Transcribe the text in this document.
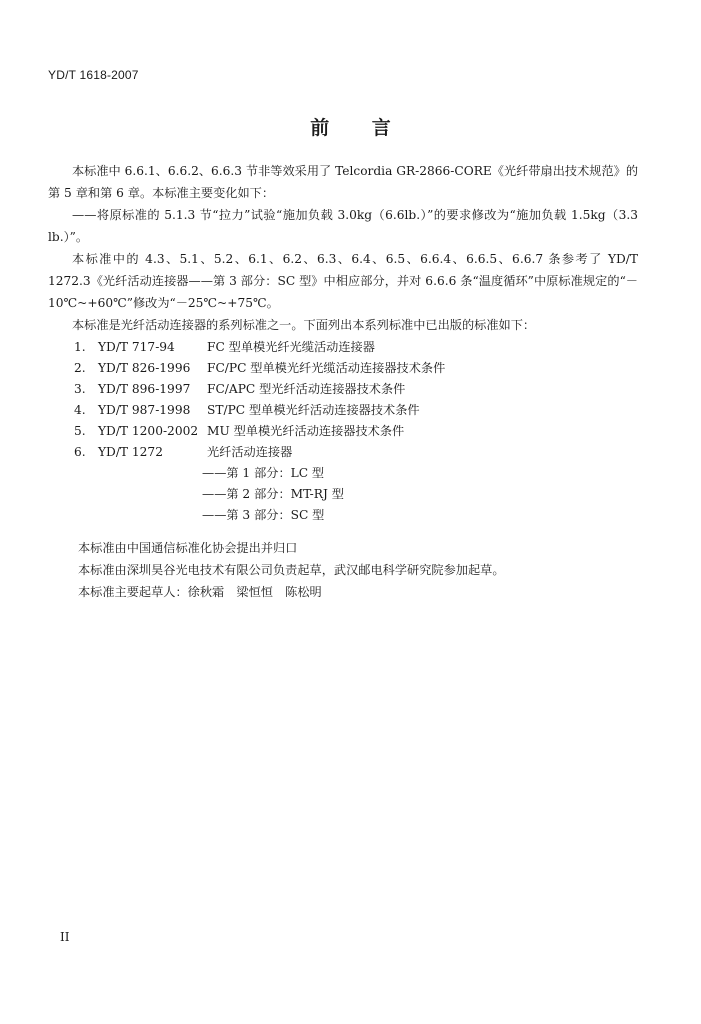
YD/T 1618-2007
前 言
本标准中 6.6.1、6.6.2、6.6.3 节非等效采用了 Telcordia GR-2866-CORE《光纤带扇出技术规范》的第 5 章和第 6 章。本标准主要变化如下：
——将原标准的 5.1.3 节“拉力”试验“施加负载 3.0kg（6.6lb.）”的要求修改为“施加负载 1.5kg（3.3 lb.）”。
本标准中的 4.3、5.1、5.2、6.1、6.2、6.3、6.4、6.5、6.6.4、6.6.5、6.6.7 条参考了 YD/T 1272.3《光纤活动连接器——第 3 部分：SC 型》中相应部分，并对 6.6.6 条“温度循环”中原标准规定的“－10℃~+60℃”修改为“－25℃~+75℃。
本标准是光纤活动连接器的系列标准之一。下面列出本系列标准中已出版的标准如下：
1. YD/T 717-94	FC 型单模光纤光缆活动连接器
2. YD/T 826-1996 FC/PC 型单模光纤光缆活动连接器技术条件
3. YD/T 896-1997 FC/APC 型光纤活动连接器技术条件
4. YD/T 987-1998 ST/PC 型单模光纤活动连接器技术条件
5. YD/T 1200-2002 MU 型单模光纤活动连接器技术条件
6. YD/T 1272	光纤活动连接器
——第 1 部分：LC 型
——第 2 部分：MT-RJ 型
——第 3 部分：SC 型
本标准由中国通信标准化协会提出并归口
本标准由深圳昊谷光电技术有限公司负责起草，武汉邮电科学研究院参加起草。
本标准主要起草人：徐秋霜　梁恒恒　陈松明
II
